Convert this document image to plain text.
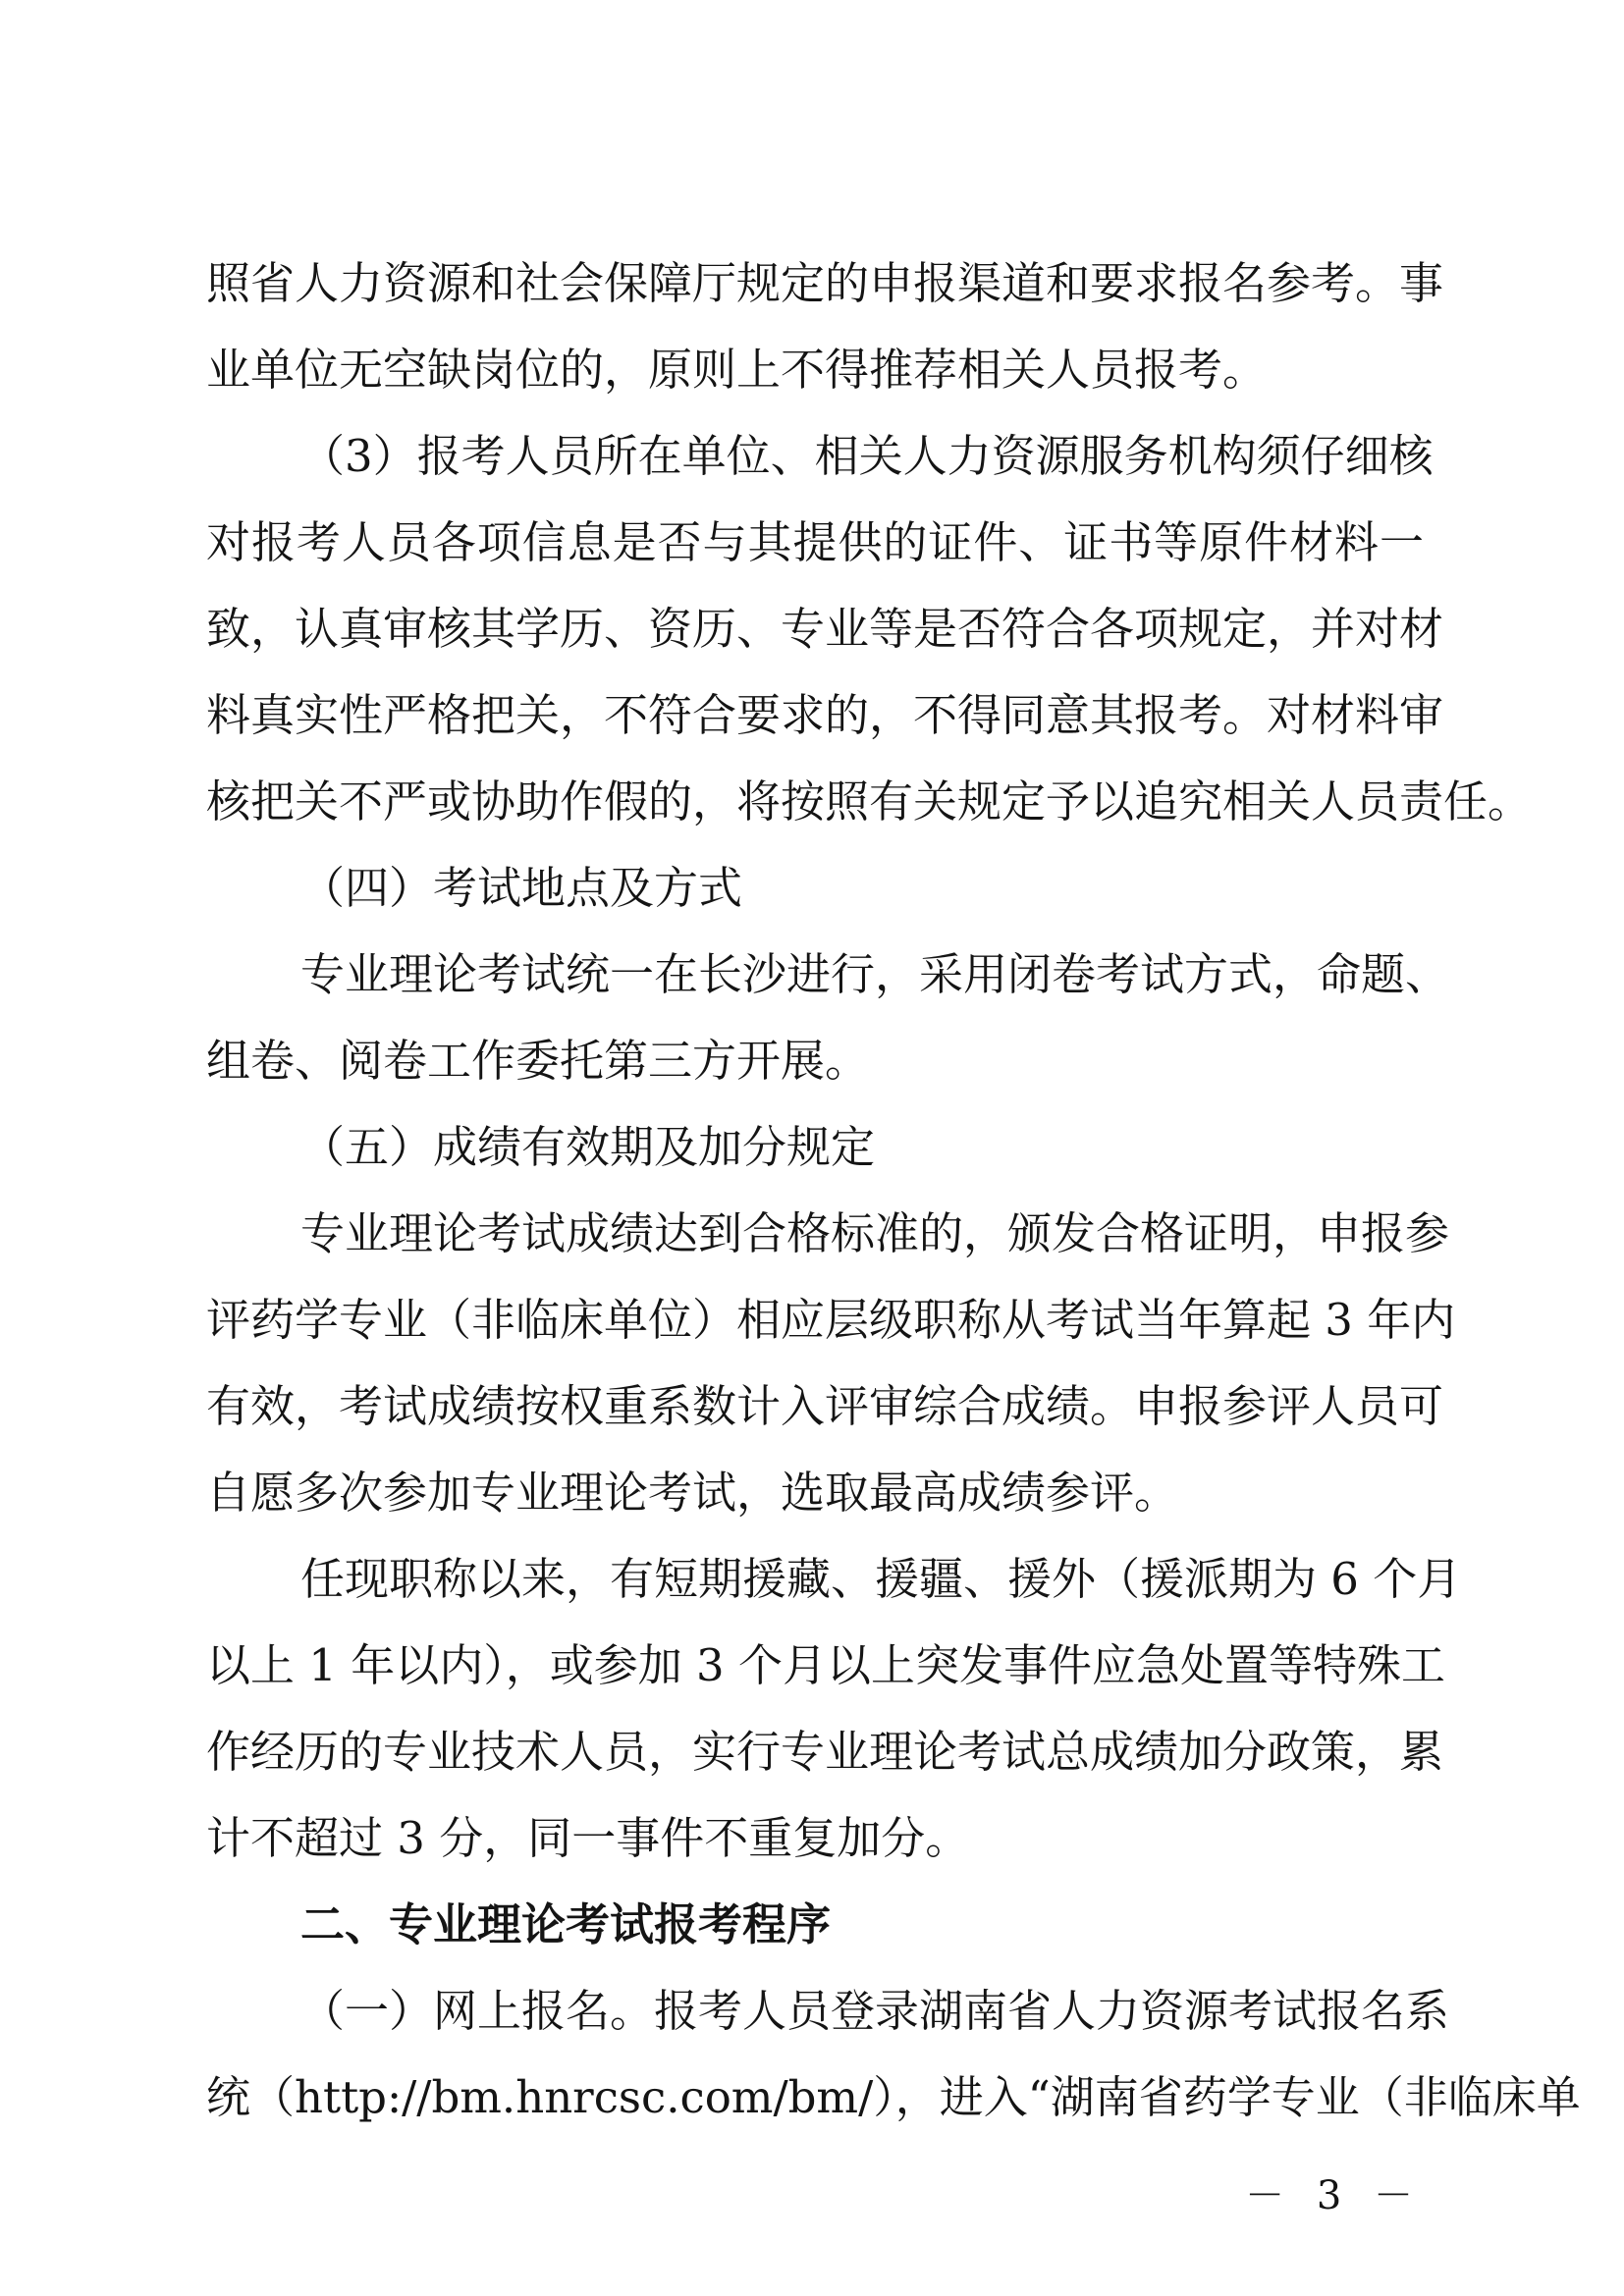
照省人力资源和社会保障厅规定的申报渠道和要求报名参考。事
业单位无空缺岗位的，原则上不得推荐相关人员报考。
（3）报考人员所在单位、相关人力资源服务机构须仔细核
对报考人员各项信息是否与其提供的证件、证书等原件材料一
致，认真审核其学历、资历、专业等是否符合各项规定，并对材
料真实性严格把关，不符合要求的，不得同意其报考。对材料审
核把关不严或协助作假的，将按照有关规定予以追究相关人员责任。
（四）考试地点及方式
专业理论考试统一在长沙进行，采用闭卷考试方式，命题、
组卷、阅卷工作委托第三方开展。
（五）成绩有效期及加分规定
专业理论考试成绩达到合格标准的，颁发合格证明，申报参
评药学专业（非临床单位）相应层级职称从考试当年算起 3 年内
有效，考试成绩按权重系数计入评审综合成绩。申报参评人员可
自愿多次参加专业理论考试，选取最高成绩参评。
任现职称以来，有短期援藏、援疆、援外（援派期为 6 个月
以上 1 年以内），或参加 3 个月以上突发事件应急处置等特殊工
作经历的专业技术人员，实行专业理论考试总成绩加分政策，累
计不超过 3 分，同一事件不重复加分。
二、专业理论考试报考程序
（一）网上报名。报考人员登录湖南省人力资源考试报名系
统（http://bm.hnrcsc.com/bm/），进入“湖南省药学专业（非临床单
－ 3 －
